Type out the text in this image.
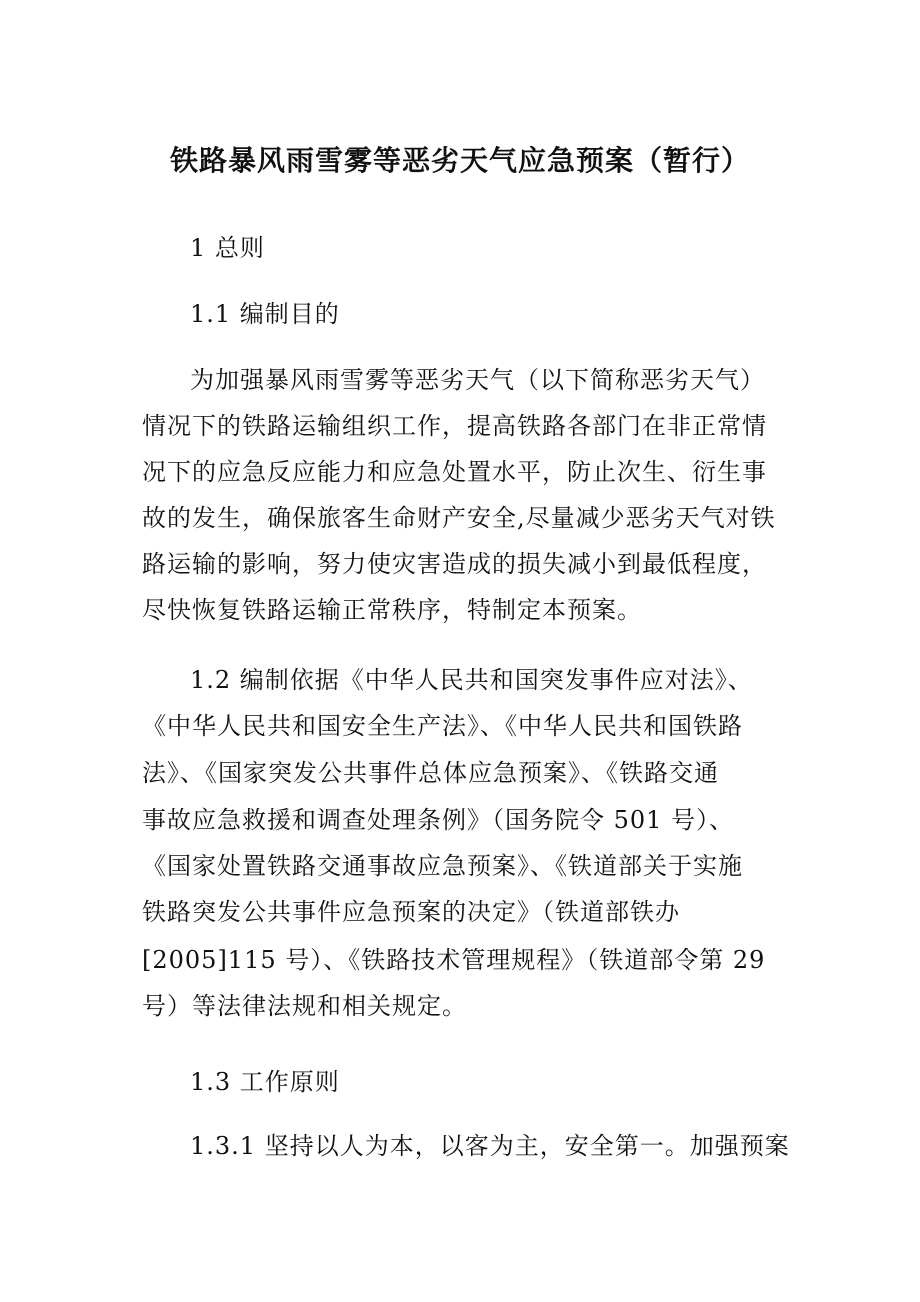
铁路暴风雨雪雾等恶劣天气应急预案（暂行）
1 总则
1.1 编制目的
为加强暴风雨雪雾等恶劣天气（以下简称恶劣天气）
情况下的铁路运输组织工作，提高铁路各部门在非正常情
况下的应急反应能力和应急处置水平，防止次生、衍生事
故的发生，确保旅客生命财产安全,尽量减少恶劣天气对铁
路运输的影响，努力使灾害造成的损失减小到最低程度，
尽快恢复铁路运输正常秩序，特制定本预案。
1.2 编制依据《中华人民共和国突发事件应对法》、
《中华人民共和国安全生产法》、《中华人民共和国铁路
法》、《国家突发公共事件总体应急预案》、《铁路交通
事故应急救援和调查处理条例》（国务院令 501 号）、
《国家处置铁路交通事故应急预案》、《铁道部关于实施
铁路突发公共事件应急预案的决定》（铁道部铁办
[2005]115 号）、《铁路技术管理规程》（铁道部令第 29
号）等法律法规和相关规定。
1.3 工作原则
1.3.1 坚持以人为本，以客为主，安全第一。加强预案
